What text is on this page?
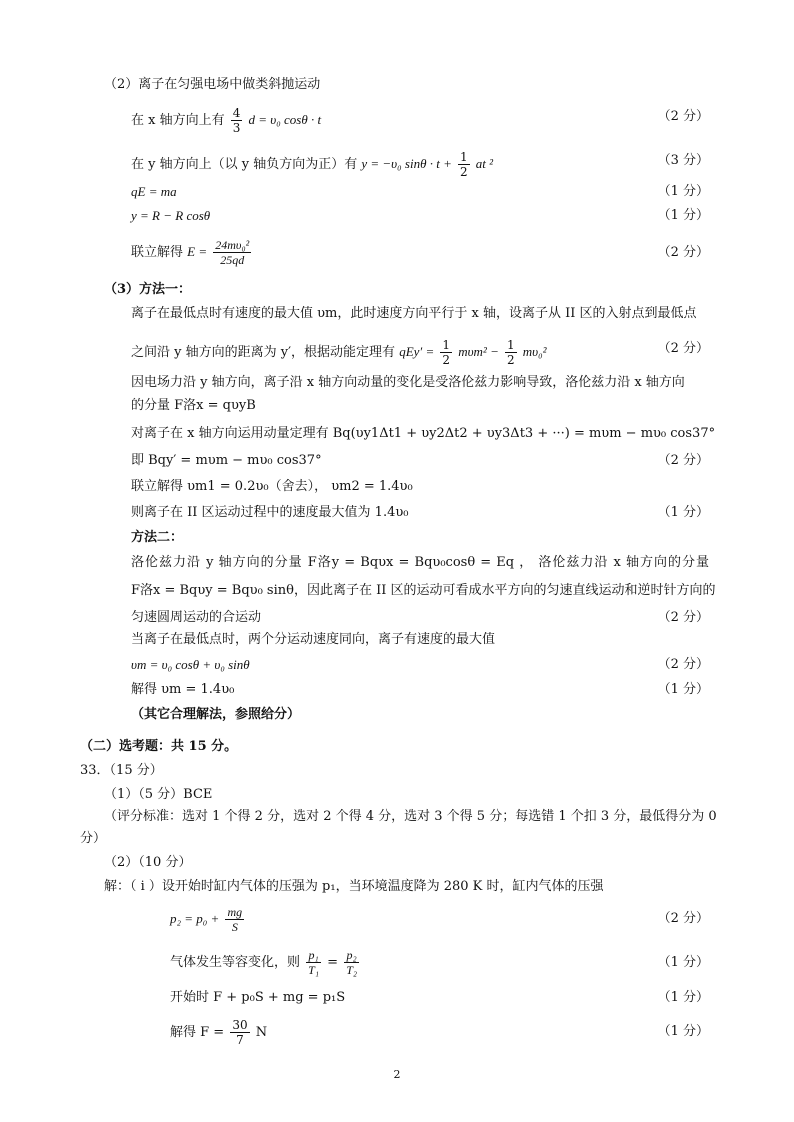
（2）离子在匀强电场中做类斜抛运动
在 x 轴方向上有 $\frac{4}{3}$ d = υ₀ cosθ · t	（2 分）
在 y 轴方向上（以 y 轴负方向为正）有 y = −υ₀ $\sin\theta \cdot t + \frac{1}{2}$ at ²	（3 分）
qE = ma	（1 分）
y = R − R cosθ	（1 分）
联立解得 $E = \frac{\text{24mυ₀²}}{25qd}$	（2 分）
（3）方法一：
离子在最低点时有速度的最大值 υm，此时速度方向平行于 x 轴，设离子从 II 区的入射点到最低点
之间沿 y 轴方向的距离为 y′，根据动能定理有 $qEy' = \frac{1}{2} m\upsilon m^2 - \frac{1}{2} m\upsilon_0^2$	（2 分）
因电场力沿 y 轴方向，离子沿 x 轴方向动量的变化是受洛伦兹力影响导致，洛伦兹力沿 x 轴方向
的分量 F洛x = qυyB
对离子在 x 轴方向运用动量定理有 Bq(υy1Δt1 + υy2Δt2 + υy3Δt3 + ···) = mυm − mυ₀ cos37°
即 Bqy′ = mυm − mυ₀ cos37°	（2 分）
联立解得 υm1 = 0.2υ₀（舍去）， υm2 = 1.4υ₀
则离子在 II 区运动过程中的速度最大值为 1.4υ₀	（1 分）
方法二：
洛伦兹力沿 y 轴方向的分量 F洛y = Bqυx = Bqυ₀cosθ = Eq ， 洛伦兹力沿 x 轴方向的分量
F洛x = Bqυy = Bqυ₀ sinθ，因此离子在 II 区的运动可看成水平方向的匀速直线运动和逆时针方向的
匀速圆周运动的合运动	（2 分）
当离子在最低点时，两个分运动速度同向，离子有速度的最大值
υm = υ₀ cosθ + υ₀ sinθ	（2 分）
解得 υm = 1.4υ₀	（1 分）
（其它合理解法，参照给分）
（二）选考题：共 15 分。
33．（15 分）
（1）（5 分）BCE
（评分标准：选对 1 个得 2 分，选对 2 个得 4 分，选对 3 个得 5 分；每选错 1 个扣 3 分，最低得分为 0
分）
（2）（10 分）
解：（ i ）设开始时缸内气体的压强为 p₁，当环境温度降为 280 K 时，缸内气体的压强
$p_2 = p_0 + \frac{mg}{S}$	（2 分）
气体发生等容变化，则 $\frac{\text{p₁}}{\text{T₁}} = \frac{\text{p₂}}{\text{T₂}}$	（1 分）
开始时 F + p₀S + mg = p₁S	（1 分）
解得 $F = \frac{30}{7}$ N	（1 分）
2
